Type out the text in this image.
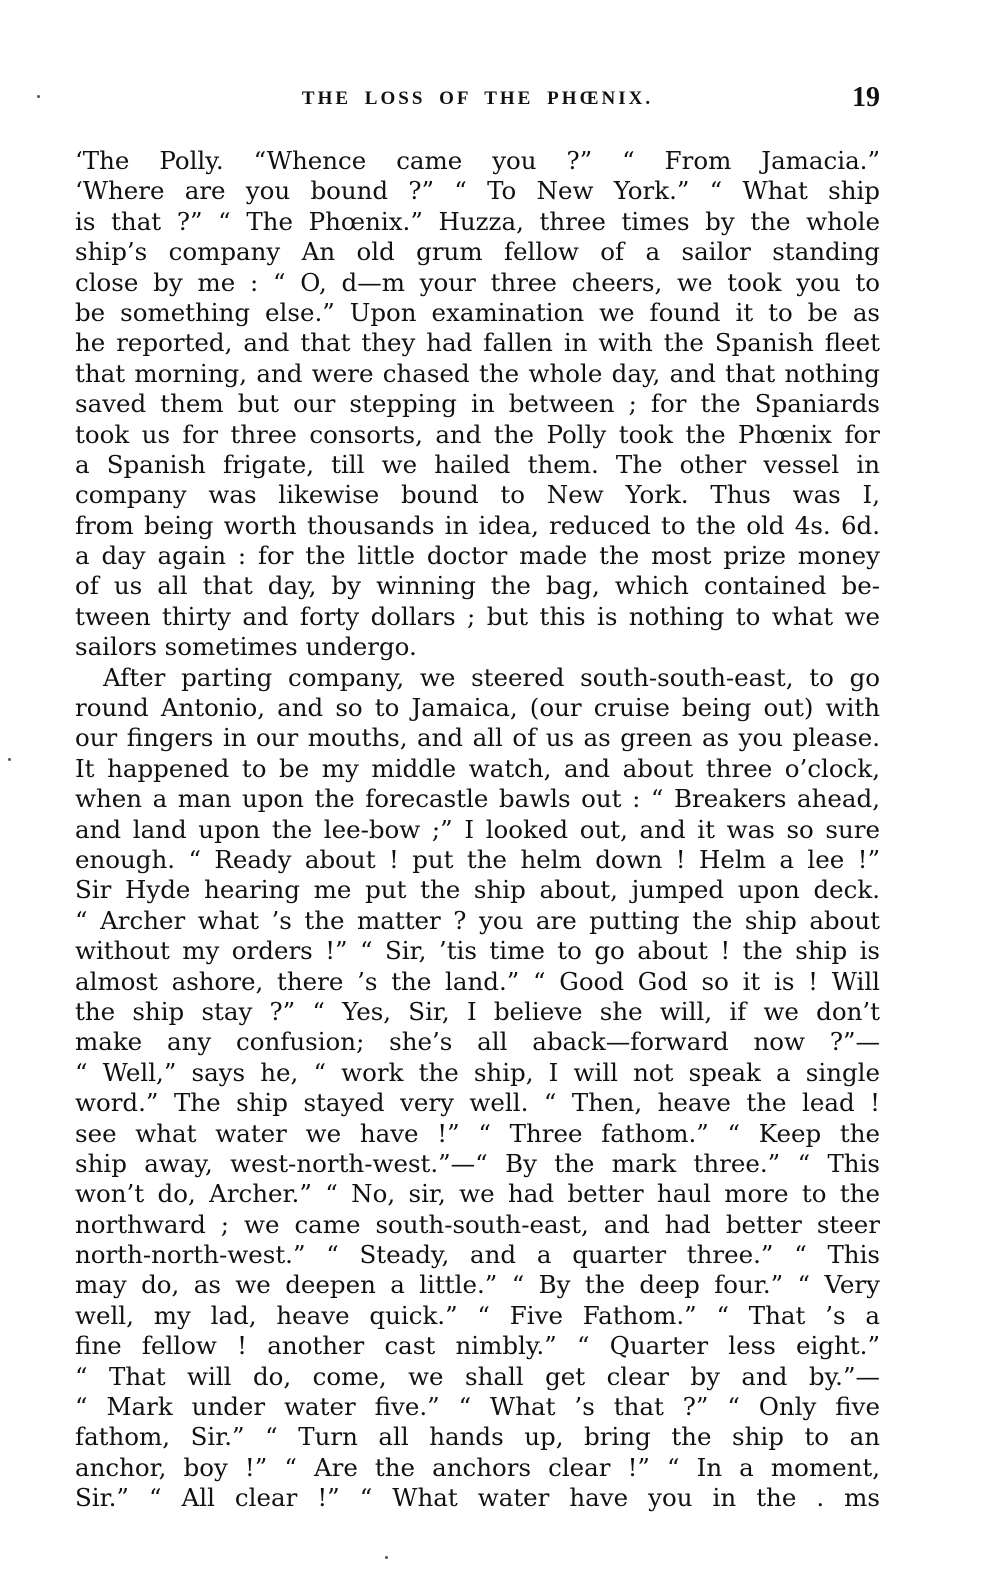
THE LOSS OF THE PHŒNIX.	19
‘The Polly. “Whence came you ?” “ From Jamacia.”
‘Where are you bound ?” “ To New York.” “ What ship
is that ?” “ The Phœnix.” Huzza, three times by the whole
ship’s company An old grum fellow of a sailor standing
close by me : “ O, d—m your three cheers, we took you to
be something else.” Upon examination we found it to be as
he reported, and that they had fallen in with the Spanish fleet
that morning, and were chased the whole day, and that nothing
saved them but our stepping in between ; for the Spaniards
took us for three consorts, and the Polly took the Phœnix for
a Spanish frigate, till we hailed them. The other vessel in
company was likewise bound to New York. Thus was I,
from being worth thousands in idea, reduced to the old 4s. 6d.
a day again : for the little doctor made the most prize money
of us all that day, by winning the bag, which contained be-
tween thirty and forty dollars ; but this is nothing to what we
sailors sometimes undergo.
After parting company, we steered south-south-east, to go
round Antonio, and so to Jamaica, (our cruise being out) with
our fingers in our mouths, and all of us as green as you please.
It happened to be my middle watch, and about three o’clock,
when a man upon the forecastle bawls out : “ Breakers ahead,
and land upon the lee-bow ;” I looked out, and it was so sure
enough. “ Ready about ! put the helm down ! Helm a lee !”
Sir Hyde hearing me put the ship about, jumped upon deck.
“ Archer what ’s the matter ? you are putting the ship about
without my orders !” “ Sir, ’tis time to go about ! the ship is
almost ashore, there ’s the land.” “ Good God so it is ! Will
the ship stay ?” “ Yes, Sir, I believe she will, if we don’t
make any confusion; she’s all aback—forward now ?”—
“ Well,” says he, “ work the ship, I will not speak a single
word.” The ship stayed very well. “ Then, heave the lead !
see what water we have !” “ Three fathom.” “ Keep the
ship away, west-north-west.”—“ By the mark three.” “ This
won’t do, Archer.” “ No, sir, we had better haul more to the
northward ; we came south-south-east, and had better steer
north-north-west.” “ Steady, and a quarter three.” “ This
may do, as we deepen a little.” “ By the deep four.” “ Very
well, my lad, heave quick.” “ Five Fathom.” “ That ’s a
fine fellow ! another cast nimbly.” “ Quarter less eight.”
“ That will do, come, we shall get clear by and by.”—
“ Mark under water five.” “ What ’s that ?” “ Only five
fathom, Sir.” “ Turn all hands up, bring the ship to an
anchor, boy !” “ Are the anchors clear !” “ In a moment,
Sir.” “ All clear !” “ What water have you in the . ms
